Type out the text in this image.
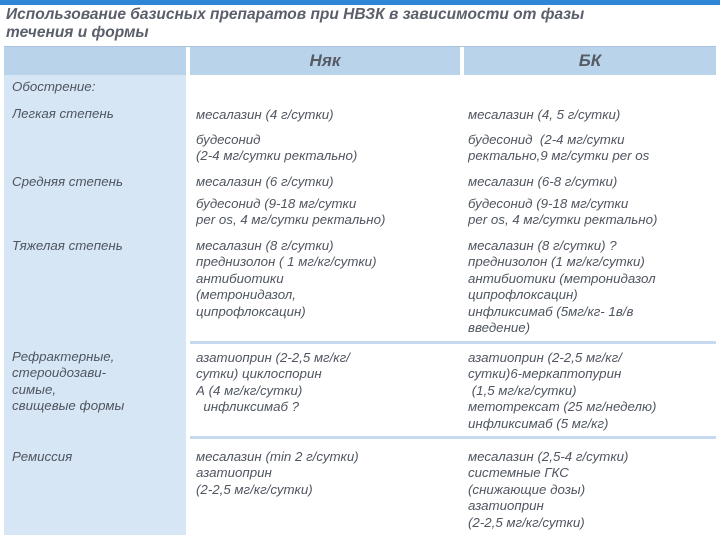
Использование базисных препаратов при НВЗК в зависимости от фазы
течения и формы
Няк	БК
Обострение:
Легкая степень
Средняя степень
Тяжелая степень
Рефрактерные,
стероидозави-
симые,
свищевые формы
Ремиссия
месалазин (4 г/сутки)
будесонид
(2-4 мг/сутки ректально)
месалазин (6 г/сутки)
будесонид (9-18 мг/сутки
per os, 4 мг/сутки ректально)
месалазин (8 г/сутки)
преднизолон ( 1 мг/кг/сутки)
антибиотики
(метронидазол,
ципрофлоксацин)
азатиоприн (2-2,5 мг/кг/
сутки) циклоспорин
А (4 мг/кг/сутки)
инфликсимаб ?
месалазин (min 2 г/сутки)
азатиоприн
(2-2,5 мг/кг/сутки)
месалазин (4, 5 г/сутки)
будесонид  (2-4 мг/сутки
ректально,9 мг/сутки per os
месалазин (6-8 г/сутки)
будесонид (9-18 мг/сутки
per os, 4 мг/сутки ректально)
месалазин (8 г/сутки) ?
преднизолон (1 мг/кг/сутки)
антибиотики (метронидазол
ципрофлоксацин)
инфликсимаб (5мг/кг- 1в/в
введение)
азатиоприн (2-2,5 мг/кг/
сутки)6-меркаптопурин
(1,5 мг/кг/сутки)
метотрексат (25 мг/неделю)
инфликсимаб (5 мг/кг)
месалазин (2,5-4 г/сутки)
системные ГКС
(снижающие дозы)
азатиоприн
(2-2,5 мг/кг/сутки)
